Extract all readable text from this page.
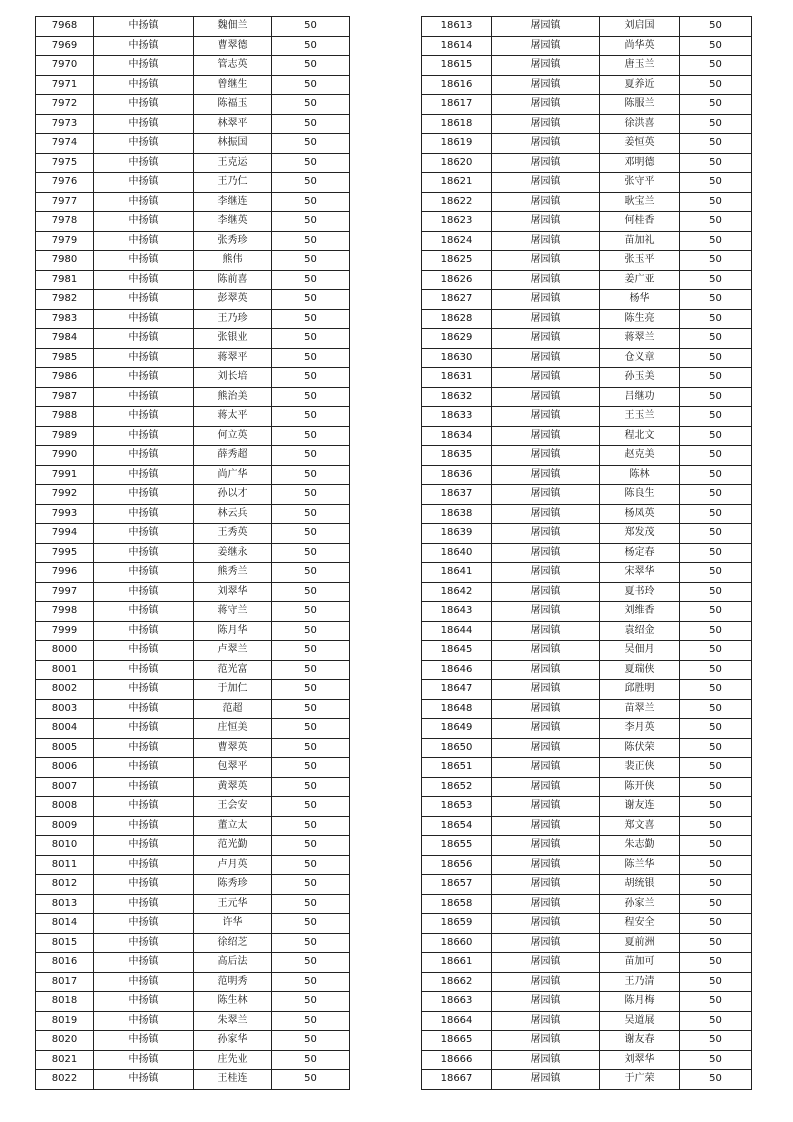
7968	中扬镇	魏佃兰	50
7969	中扬镇	曹翠德	50
7970	中扬镇	管志英	50
7971	中扬镇	曾继生	50
7972	中扬镇	陈福玉	50
7973	中扬镇	林翠平	50
7974	中扬镇	林振国	50
7975	中扬镇	王克运	50
7976	中扬镇	王乃仁	50
7977	中扬镇	李继连	50
7978	中扬镇	李继英	50
7979	中扬镇	张秀珍	50
7980	中扬镇	熊伟	50
7981	中扬镇	陈前喜	50
7982	中扬镇	彭翠英	50
7983	中扬镇	王乃珍	50
7984	中扬镇	张银业	50
7985	中扬镇	蒋翠平	50
7986	中扬镇	刘长培	50
7987	中扬镇	熊治美	50
7988	中扬镇	蒋太平	50
7989	中扬镇	何立英	50
7990	中扬镇	薛秀超	50
7991	中扬镇	尚广华	50
7992	中扬镇	孙以才	50
7993	中扬镇	林云兵	50
7994	中扬镇	王秀英	50
7995	中扬镇	姜继永	50
7996	中扬镇	熊秀兰	50
7997	中扬镇	刘翠华	50
7998	中扬镇	蒋守兰	50
7999	中扬镇	陈月华	50
8000	中扬镇	卢翠兰	50
8001	中扬镇	范光富	50
8002	中扬镇	于加仁	50
8003	中扬镇	范超	50
8004	中扬镇	庄恒美	50
8005	中扬镇	曹翠英	50
8006	中扬镇	包翠平	50
8007	中扬镇	黄翠英	50
8008	中扬镇	王会安	50
8009	中扬镇	董立太	50
8010	中扬镇	范光勤	50
8011	中扬镇	卢月英	50
8012	中扬镇	陈秀珍	50
8013	中扬镇	王元华	50
8014	中扬镇	许华	50
8015	中扬镇	徐绍芝	50
8016	中扬镇	高后法	50
8017	中扬镇	范明秀	50
8018	中扬镇	陈生林	50
8019	中扬镇	朱翠兰	50
8020	中扬镇	孙家华	50
8021	中扬镇	庄先业	50
8022	中扬镇	王桂连	50
18613	屠园镇	刘启国	50
18614	屠园镇	尚华英	50
18615	屠园镇	唐玉兰	50
18616	屠园镇	夏养近	50
18617	屠园镇	陈服兰	50
18618	屠园镇	徐洪喜	50
18619	屠园镇	姜恒英	50
18620	屠园镇	邓明德	50
18621	屠园镇	张守平	50
18622	屠园镇	耿宝兰	50
18623	屠园镇	何桂香	50
18624	屠园镇	苗加礼	50
18625	屠园镇	张玉平	50
18626	屠园镇	姜广亚	50
18627	屠园镇	杨华	50
18628	屠园镇	陈生亮	50
18629	屠园镇	蒋翠兰	50
18630	屠园镇	仓义章	50
18631	屠园镇	孙玉美	50
18632	屠园镇	吕继功	50
18633	屠园镇	王玉兰	50
18634	屠园镇	程北文	50
18635	屠园镇	赵克美	50
18636	屠园镇	陈林	50
18637	屠园镇	陈良生	50
18638	屠园镇	杨凤英	50
18639	屠园镇	郑发茂	50
18640	屠园镇	杨定春	50
18641	屠园镇	宋翠华	50
18642	屠园镇	夏书玲	50
18643	屠园镇	刘维香	50
18644	屠园镇	袁绍金	50
18645	屠园镇	吴佃月	50
18646	屠园镇	夏瑞侠	50
18647	屠园镇	邱胜明	50
18648	屠园镇	苗翠兰	50
18649	屠园镇	李月英	50
18650	屠园镇	陈伏荣	50
18651	屠园镇	裴正侠	50
18652	屠园镇	陈开侠	50
18653	屠园镇	谢友连	50
18654	屠园镇	郑文喜	50
18655	屠园镇	朱志勤	50
18656	屠园镇	陈兰华	50
18657	屠园镇	胡统银	50
18658	屠园镇	孙家兰	50
18659	屠园镇	程安全	50
18660	屠园镇	夏前洲	50
18661	屠园镇	苗加可	50
18662	屠园镇	王乃清	50
18663	屠园镇	陈月梅	50
18664	屠园镇	吴道展	50
18665	屠园镇	谢友春	50
18666	屠园镇	刘翠华	50
18667	屠园镇	于广荣	50
